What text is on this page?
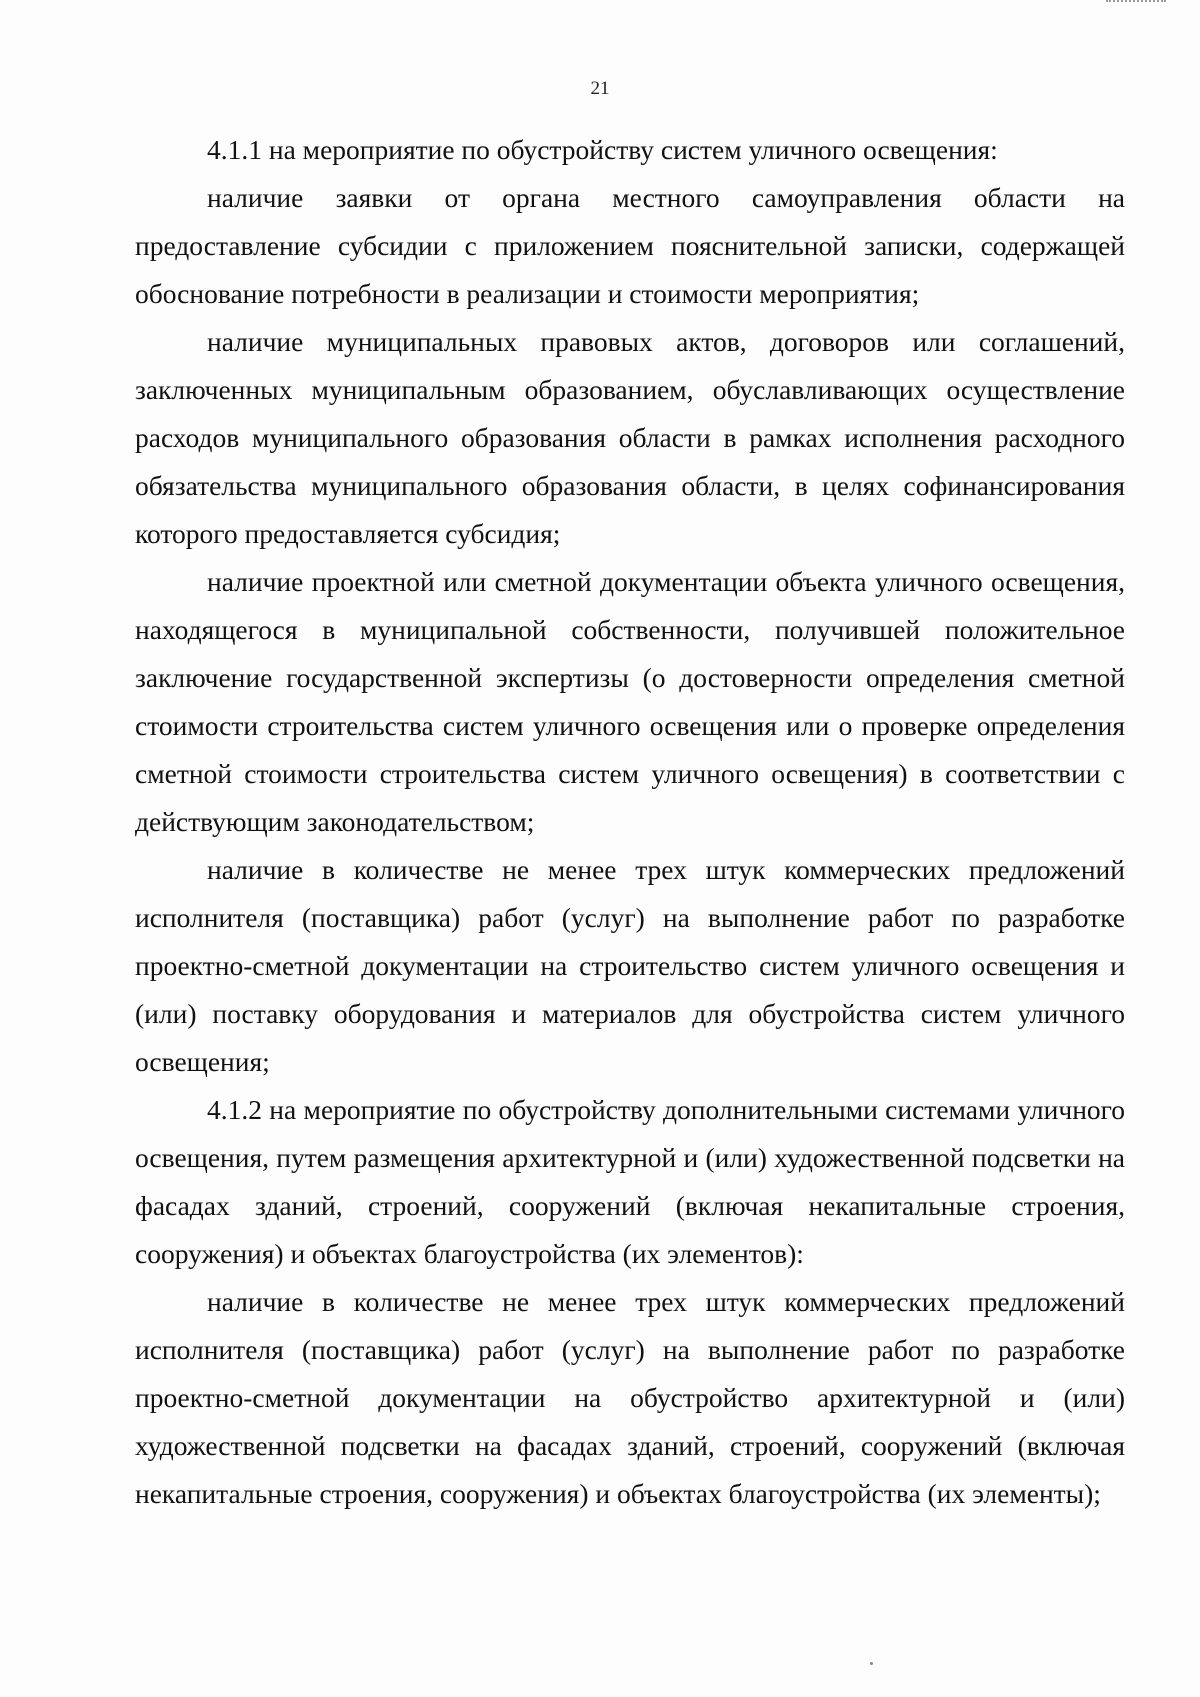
21

4.1.1 на мероприятие по обустройству систем уличного освещения:

наличие заявки от органа местного самоуправления области на предоставление субсидии с приложением пояснительной записки, содержащей обоснование потребности в реализации и стоимости мероприятия;

наличие муниципальных правовых актов, договоров или соглашений, заключенных муниципальным образованием, обуславливающих осуществление расходов муниципального образования области в рамках исполнения расходного обязательства муниципального образования области, в целях софинансирования которого предоставляется субсидия;

наличие проектной или сметной документации объекта уличного освещения, находящегося в муниципальной собственности, получившей положительное заключение государственной экспертизы (о достоверности определения сметной стоимости строительства систем уличного освещения или о проверке определения сметной стоимости строительства систем уличного освещения) в соответствии с действующим законодательством;

наличие в количестве не менее трех штук коммерческих предложений исполнителя (поставщика) работ (услуг) на выполнение работ по разработке проектно-сметной документации на строительство систем уличного освещения и (или) поставку оборудования и материалов для обустройства систем уличного освещения;

4.1.2 на мероприятие по обустройству дополнительными системами уличного освещения, путем размещения архитектурной и (или) художественной подсветки на фасадах зданий, строений, сооружений (включая некапитальные строения, сооружения) и объектах благоустройства (их элементов):

наличие в количестве не менее трех штук коммерческих предложений исполнителя (поставщика) работ (услуг) на выполнение работ по разработке проектно-сметной документации на обустройство архитектурной и (или) художественной подсветки на фасадах зданий, строений, сооружений (включая некапитальные строения, сооружения) и объектах благоустройства (их элементы);
